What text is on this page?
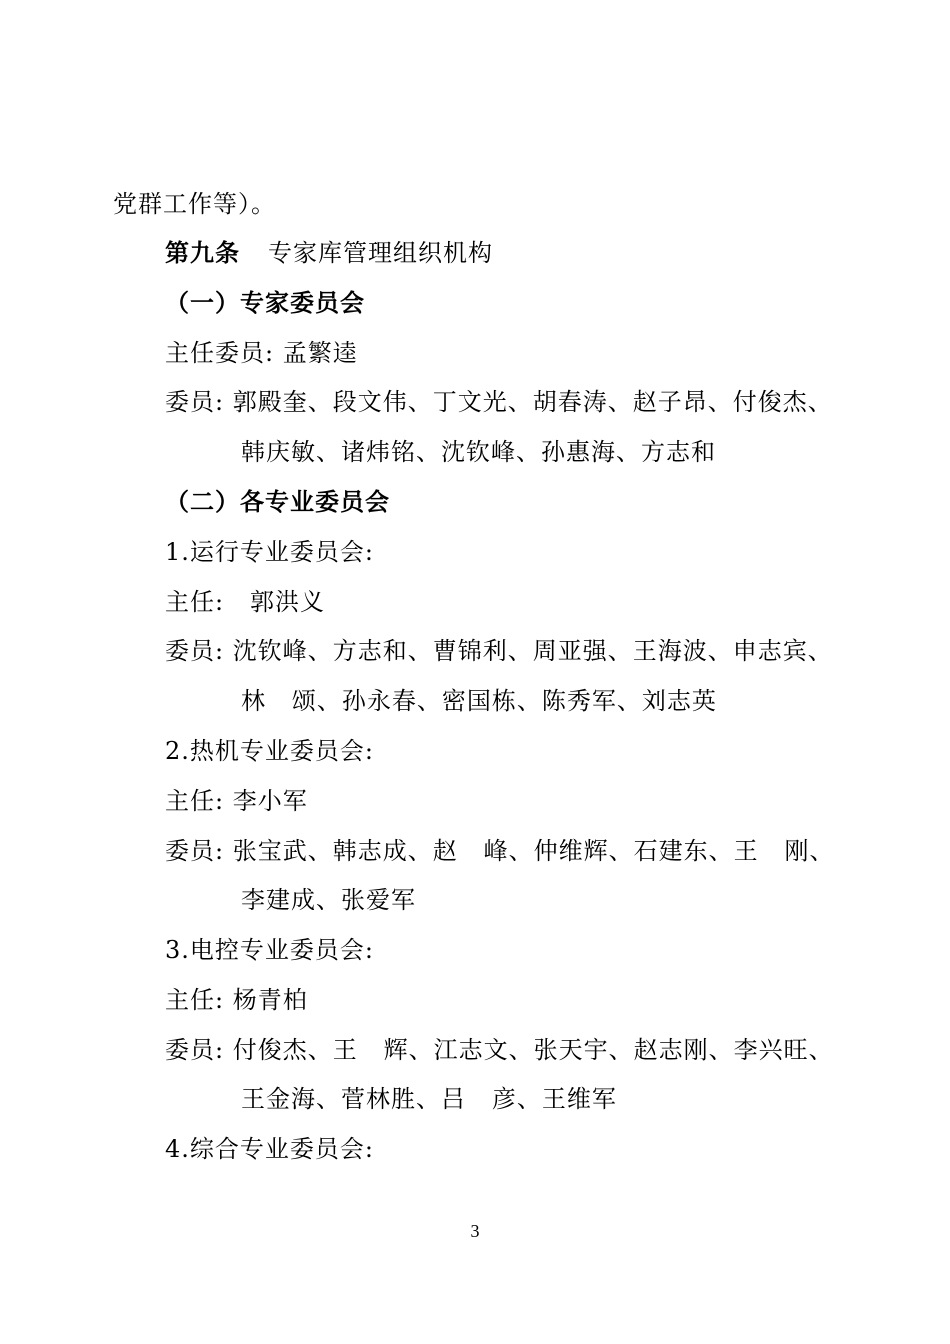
党群工作等）。
第九条 专家库管理组织机构
（一）专家委员会
主任委员: 孟繁逵
委员: 郭殿奎、段文伟、丁文光、胡春涛、赵子昂、付俊杰、
韩庆敏、诸炜铭、沈钦峰、孙惠海、方志和
（二）各专业委员会
1.运行专业委员会:
主任:   郭洪义
委员: 沈钦峰、方志和、曹锦利、周亚强、王海波、申志宾、
林   颂、孙永春、密国栋、陈秀军、刘志英
2.热机专业委员会:
主任: 李小军
委员: 张宝武、韩志成、赵   峰、仲维辉、石建东、王   刚、
李建成、张爱军
3.电控专业委员会:
主任: 杨青柏
委员: 付俊杰、王   辉、江志文、张天宇、赵志刚、李兴旺、
王金海、菅林胜、吕   彦、王维军
4.综合专业委员会:
3
